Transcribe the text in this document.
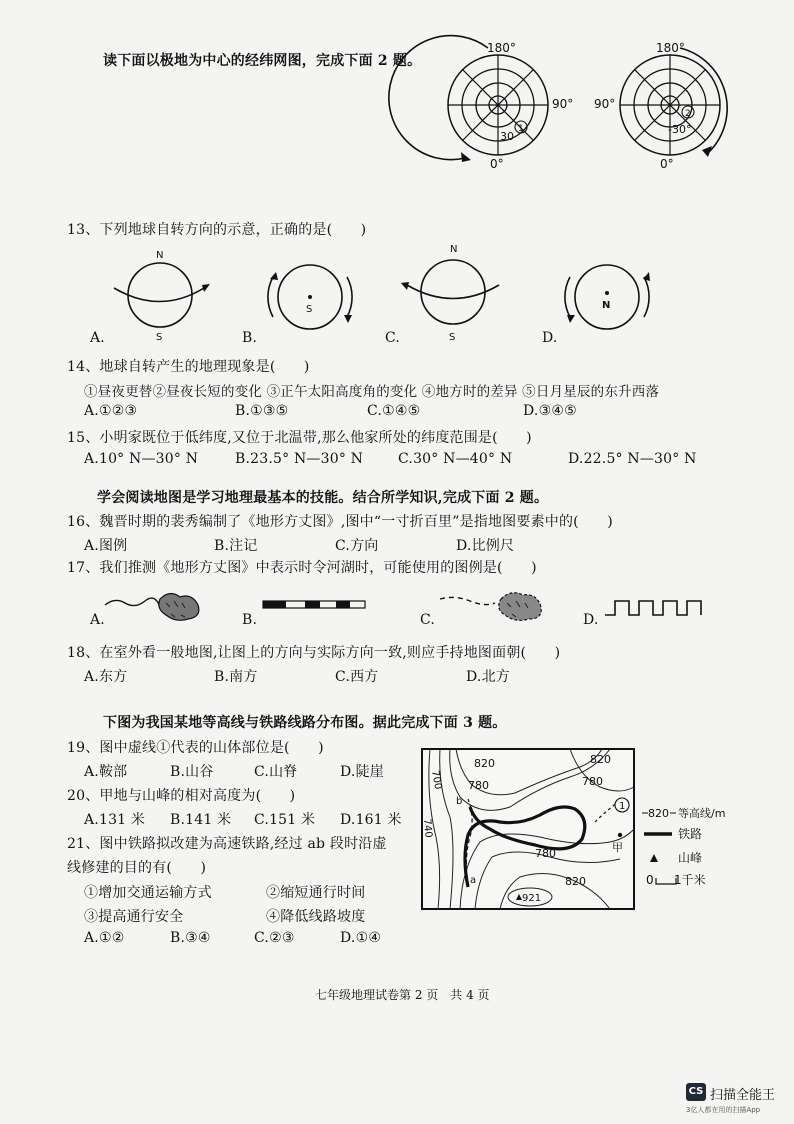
读下面以极地为中心的经纬网图，完成下面 2 题。
1
180°
90°
0°
30
2
180°
90°
0°
-30°
13、下列地球自转方向的示意，正确的是(　　)
N
S
A.
S
B.
N
S
C.
N
D.
14、地球自转产生的地理现象是(　　)
①昼夜更替②昼夜长短的变化 ③正午太阳高度角的变化 ④地方时的差异 ⑤日月星辰的东升西落
A.①②③	B.①③⑤	C.①④⑤	D.③④⑤
15、小明家既位于低纬度,又位于北温带,那么他家所处的纬度范围是(　　)
A.10° N—30° N	B.23.5° N—30° N C.30° N—40° N	D.22.5° N—30° N
学会阅读地图是学习地理最基本的技能。结合所学知识,完成下面 2 题。
16、魏晋时期的裴秀编制了《地形方丈图》,图中“一寸折百里”是指地图要素中的(　　)
A.图例	B.注记	C.方向	D.比例尺
17、我们推测《地形方丈图》中表示时令河湖时，可能使用的图例是(　　)
A.	B.	C.	D.
18、在室外看一般地图,让图上的方向与实际方向一致,则应手持地图面朝(　　)
A.东方	B.南方	C.西方	D.北方
下图为我国某地等高线与铁路线路分布图。据此完成下面 3 题。
19、图中虚线①代表的山体部位是(　　)
A.鞍部	B.山谷	C.山脊	D.陡崖
20、甲地与山峰的相对高度为(　　)
A.131 米 B.141 米 C.151 米 D.161 米
21、图中铁路拟改建为高速铁路,经过 ab 段时沿虚
线修建的目的有(　　)
①增加交通运输方式	②缩短通行时间
③提高通行安全	④降低线路坡度
A.①②	B.③④	C.②③	D.①④
700
820
780
820
780
740
780
820
921
1
b
a
甲
820 等高线/m
铁路
山峰
0 1千米
七年级地理试卷第 2 页　共 4 页
CS 扫描全能王
3亿人都在用的扫描App
